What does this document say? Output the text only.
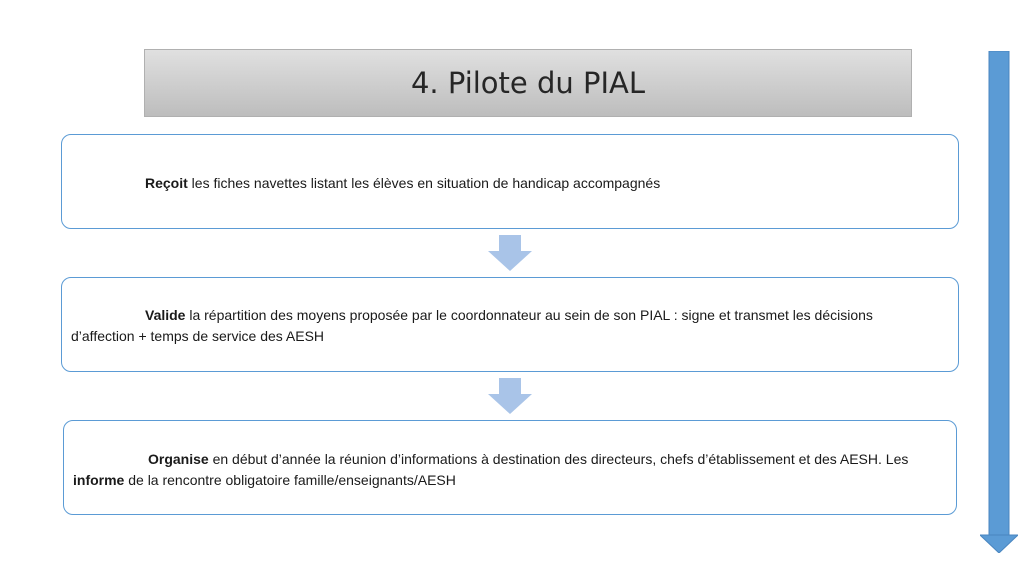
4. Pilote du PIAL
Reçoit les fiches navettes listant les élèves en situation de handicap accompagnés
Valide la répartition des moyens proposée par le coordonnateur au sein de son PIAL : signe et transmet les décisions d’affection + temps de service des AESH
Organise en début d’année la réunion d’informations à destination des directeurs, chefs d’établissement et des AESH. Les informe de la rencontre obligatoire famille/enseignants/AESH
